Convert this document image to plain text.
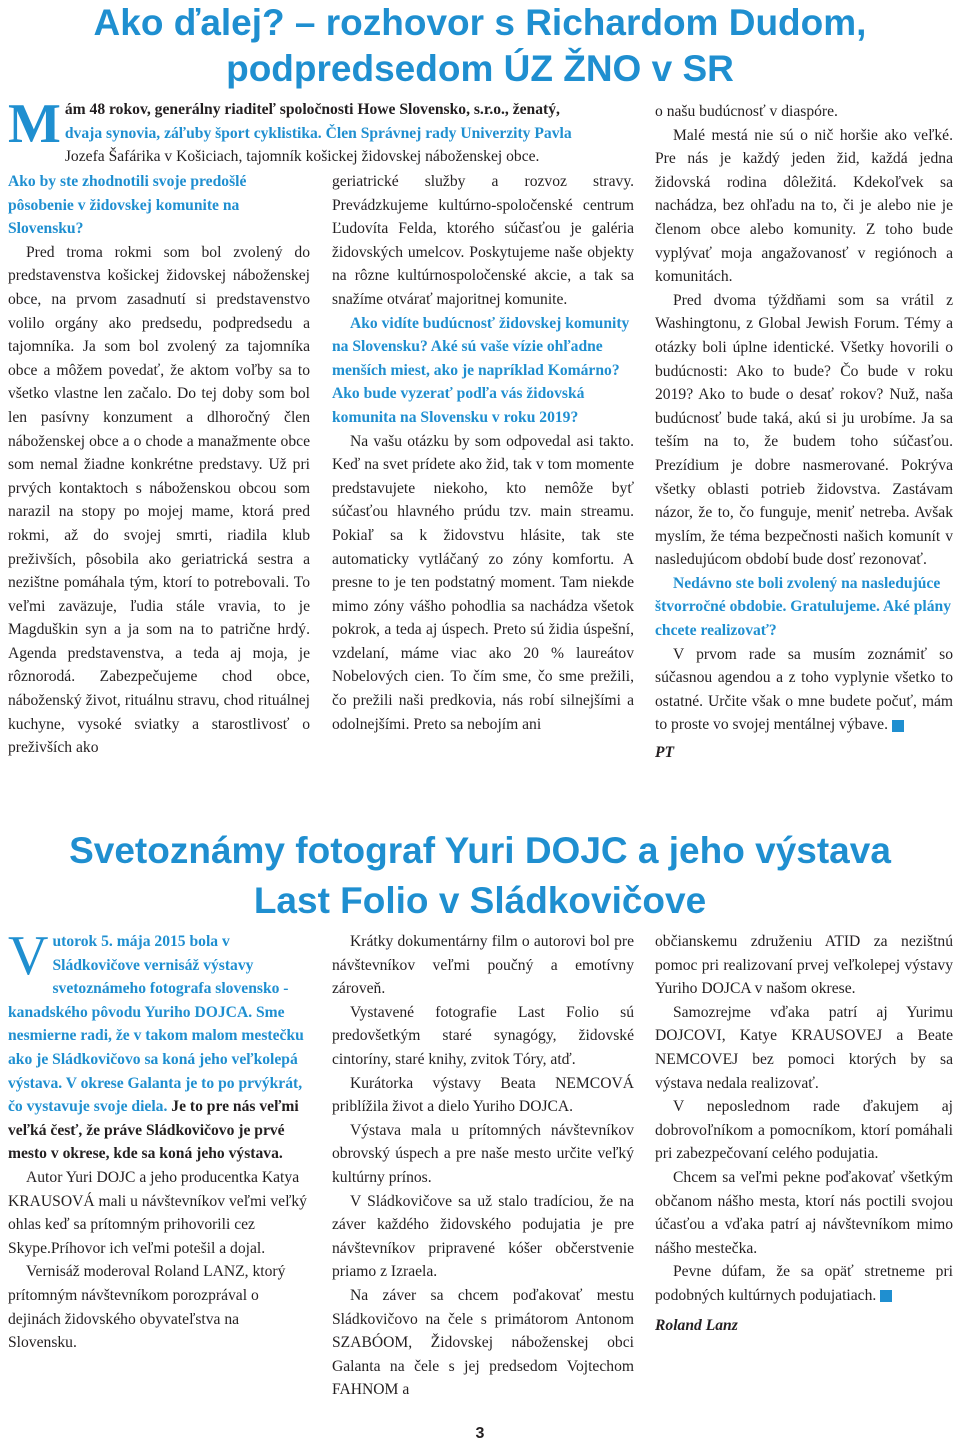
Ako ďalej? – rozhovor s Richardom Dudom,
podpredsedom ÚZ ŽNO v SR
M ám 48 rokov, generálny riaditeľ spoločnosti Howe Slovensko, s.r.o., ženatý,
dvaja synovia, záľuby šport cyklistika. Člen Správnej rady Univerzity Pavla
Jozefa Šafárika v Košiciach, tajomník košickej židovskej náboženskej obce.

Ako by ste zhodnotili svoje predošlé pôsobenie v židovskej komunite na Slovensku?

Pred troma rokmi som bol zvolený do predstavenstva košickej židovskej náboženskej obce, na prvom zasadnutí si predstavenstvo volilo orgány ako predsedu, podpredsedu a tajomníka. Ja som bol zvolený za tajomníka obce a môžem povedať, že aktom voľby sa to všetko vlastne len začalo. Do tej doby som bol len pasívny konzument a dlhoročný člen náboženskej obce a o chode a manažmente obce som nemal žiadne konkrétne predstavy. Už pri prvých kontaktoch s náboženskou obcou som narazil na stopy po mojej mame, ktorá pred rokmi, až do svojej smrti, riadila klub preživších, pôsobila ako geriatrická sestra a nezištne pomáhala tým, ktorí to potrebovali. To veľmi zaväzuje, ľudia stále vravia, to je Magduškin syn a ja som na to patrične hrdý. Agenda predstavenstva, a teda aj moja, je rôznorodá. Zabezpečujeme chod obce, náboženský život, rituálnu stravu, chod rituálnej kuchyne, vysoké sviatky a starostlivosť o preživších ako

geriatrické služby a rozvoz stravy. Prevádzkujeme kultúrno-spoločenské centrum Ľudovíta Felda, ktorého súčasťou je galéria židovských umelcov. Poskytujeme naše objekty na rôzne kultúrnospoločenské akcie, a tak sa snažíme otvárať majoritnej komunite.

Ako vidíte budúcnosť židovskej komunity na Slovensku? Aké sú vaše vízie ohľadne menších miest, ako je napríklad Komárno? Ako bude vyzerať podľa vás židovská komunita na Slovensku v roku 2019?

Na vašu otázku by som odpovedal asi takto. Keď na svet prídete ako žid, tak v tom momente predstavujete niekoho, kto nemôže byť súčasťou hlavného prúdu tzv. main streamu. Pokiaľ sa k židovstvu hlásite, tak ste automaticky vytláčaný zo zóny komfortu. A presne to je ten podstatný moment. Tam niekde mimo zóny vášho pohodlia sa nachádza všetok pokrok, a teda aj úspech. Preto sú židia úspešní, vzdelaní, máme viac ako 20 % laureátov Nobelových cien. To čím sme, čo sme prežili, čo prežili naši predkovia, nás robí silnejšími a odolnejšími. Preto sa nebojím ani

o našu budúcnosť v diaspóre.

Malé mestá nie sú o nič horšie ako veľké. Pre nás je každý jeden žid, každá jedna židovská rodina dôležitá. Kdekoľvek sa nachádza, bez ohľadu na to, či je alebo nie je členom obce alebo komunity. Z toho bude vyplývať moja angažovanosť v regiónoch a komunitách.

Pred dvoma týždňami som sa vrátil z Washingtonu, z Global Jewish Forum. Témy a otázky boli úplne identické. Všetky hovorili o budúcnosti: Ako to bude? Čo bude v roku 2019? Ako to bude o desať rokov? Nuž, naša budúcnosť bude taká, akú si ju urobíme. Ja sa teším na to, že budem toho súčasťou. Prezídium je dobre nasmerované. Pokrýva všetky oblasti potrieb židovstva. Zastávam názor, že to, čo funguje, meniť netreba. Avšak myslím, že téma bezpečnosti našich komunít v nasledujúcom období bude dosť rezonovať.

Nedávno ste boli zvolený na nasledujúce štvorročné obdobie. Gratulujeme. Aké plány chcete realizovať?

V prvom rade sa musím zoznámiť so súčasnou agendou a z toho vyplynie všetko to ostatné. Určite však o mne budete počuť, mám to proste vo svojej mentálnej výbave.

PT

Svetoznámy fotograf Yuri DOJC a jeho výstava
Last Folio v Sládkovičove

Vutorok 5. mája 2015 bola v Sládkovičove vernisáž výstavy svetoznámeho fotografa slovensko - kanadského pôvodu Yuriho DOJCA. Sme nesmierne radi, že v takom malom mestečku ako je Sládkovičovo sa koná jeho veľkolepá výstava. V okrese Galanta je to po prvýkrát, čo vystavuje svoje diela. Je to pre nás veľmi veľká česť, že práve Sládkovičovo je prvé mesto v okrese, kde sa koná jeho výstava.

Autor Yuri DOJC a jeho producentka Katya KRAUSOVÁ mali u návštevníkov veľmi veľký ohlas keď sa prítomným prihovorili cez Skype.Príhovor ich veľmi potešil a dojal.

Vernisáž moderoval Roland LANZ, ktorý prítomným návštevníkom porozprával o dejinách židovského obyvateľstva na Slovensku.

Krátky dokumentárny film o autorovi bol pre návštevníkov veľmi poučný a emotívny zároveň.

Vystavené fotografie Last Folio sú predovšetkým staré synagógy, židovské cintoríny, staré knihy, zvitok Tóry, atď.

Kurátorka výstavy Beata NEMCOVÁ priblížila život a dielo Yuriho DOJCA.

Výstava mala u prítomných návštevníkov obrovský úspech a pre naše mesto určite veľký kultúrny prínos.

V Sládkovičove sa už stalo tradíciou, že na záver každého židovského podujatia je pre návštevníkov pripravené kóšer občerstvenie priamo z Izraela.

Na záver sa chcem poďakovať mestu Sládkovičovo na čele s primátorom Antonom SZABÓOM, Židovskej náboženskej obci Galanta na čele s jej predsedom Vojtechom FAHNOM a

občianskemu združeniu ATID za nezištnú pomoc pri realizovaní prvej veľkolepej výstavy Yuriho DOJCA v našom okrese.

Samozrejme vďaka patrí aj Yurimu DOJCOVI, Katye KRAUSOVEJ a Beate NEMCOVEJ bez pomoci ktorých by sa výstava nedala realizovať.

V neposlednom rade ďakujem aj dobrovoľníkom a pomocníkom, ktorí pomáhali pri zabezpečovaní celého podujatia.

Chcem sa veľmi pekne poďakovať všetkým občanom nášho mesta, ktorí nás poctili svojou účasťou a vďaka patrí aj návštevníkom mimo nášho mestečka.

Pevne dúfam, že sa opäť stretneme pri podobných kultúrnych podujatiach.

Roland Lanz

3
